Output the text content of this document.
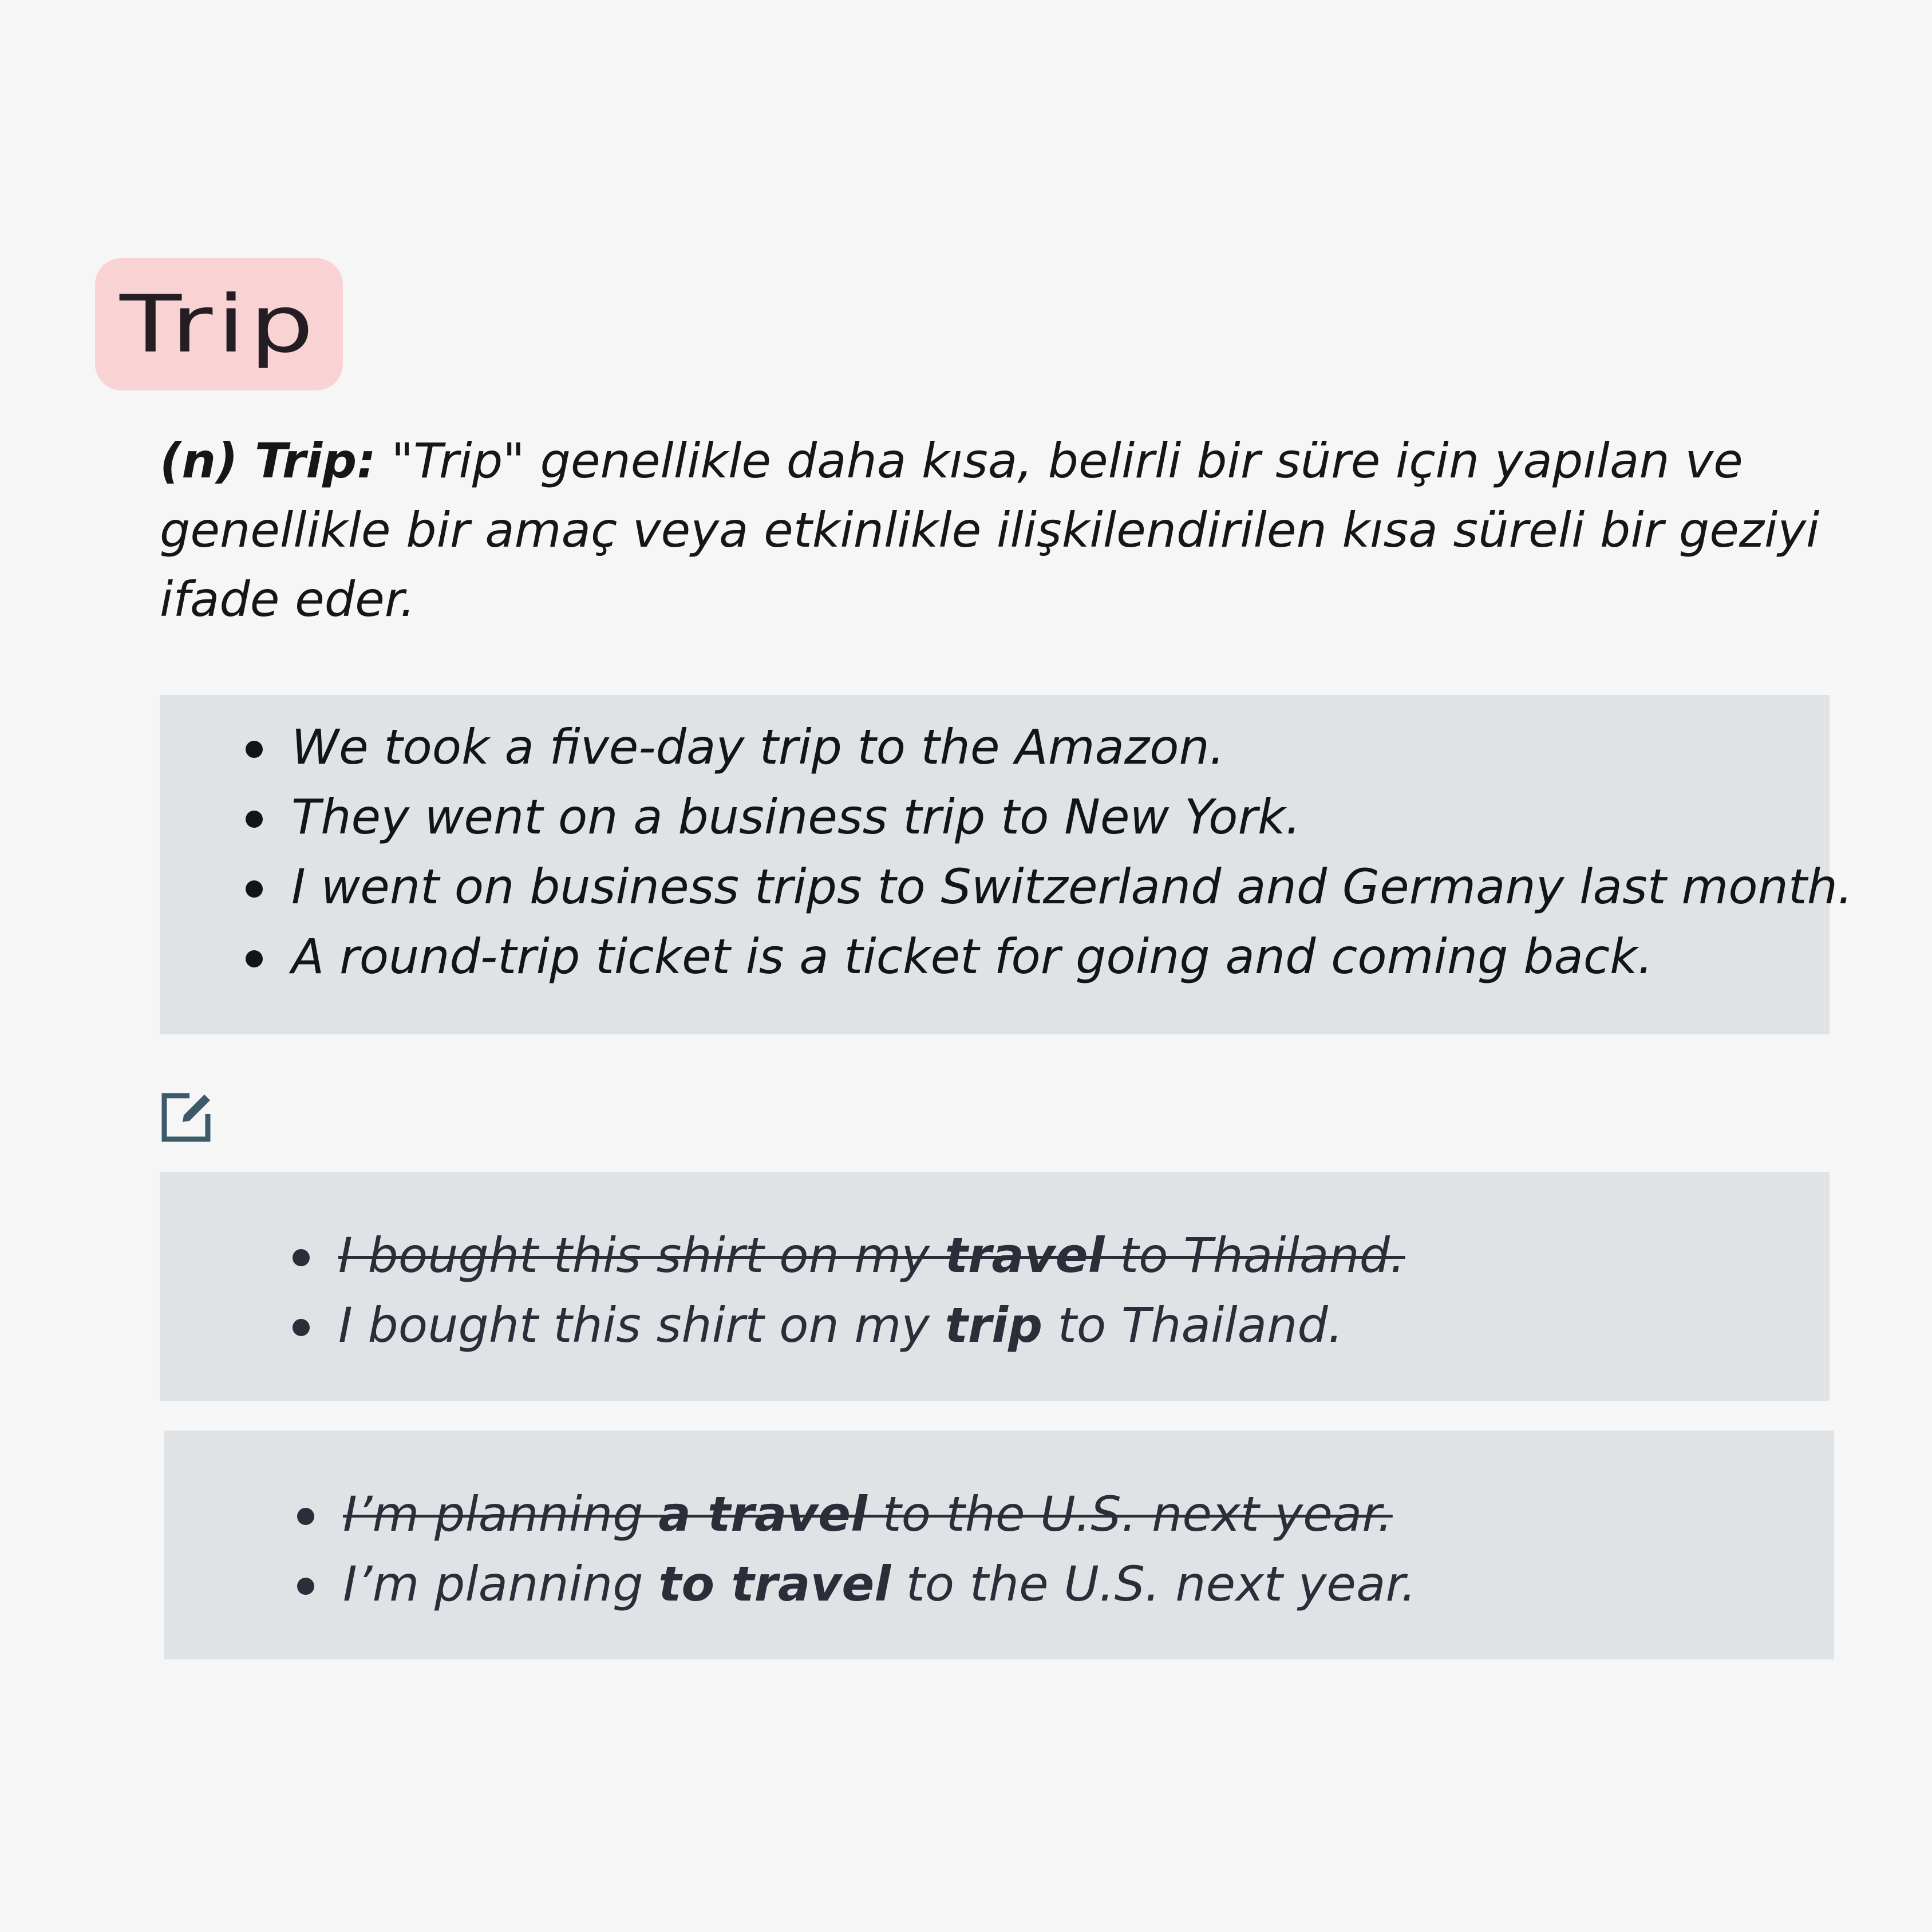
Trip
(n) Trip: "Trip" genellikle daha kısa, belirli bir süre için yapılan ve genellikle bir amaç veya etkinlikle ilişkilendirilen kısa süreli bir geziyi ifade eder.
We took a five-day trip to the Amazon.
They went on a business trip to New York.
I went on business trips to Switzerland and Germany last month.
A round-trip ticket is a ticket for going and coming back.
I bought this shirt on my travel to Thailand.
I bought this shirt on my trip to Thailand.
I’m planning a travel to the U.S. next year.
I’m planning to travel to the U.S. next year.
